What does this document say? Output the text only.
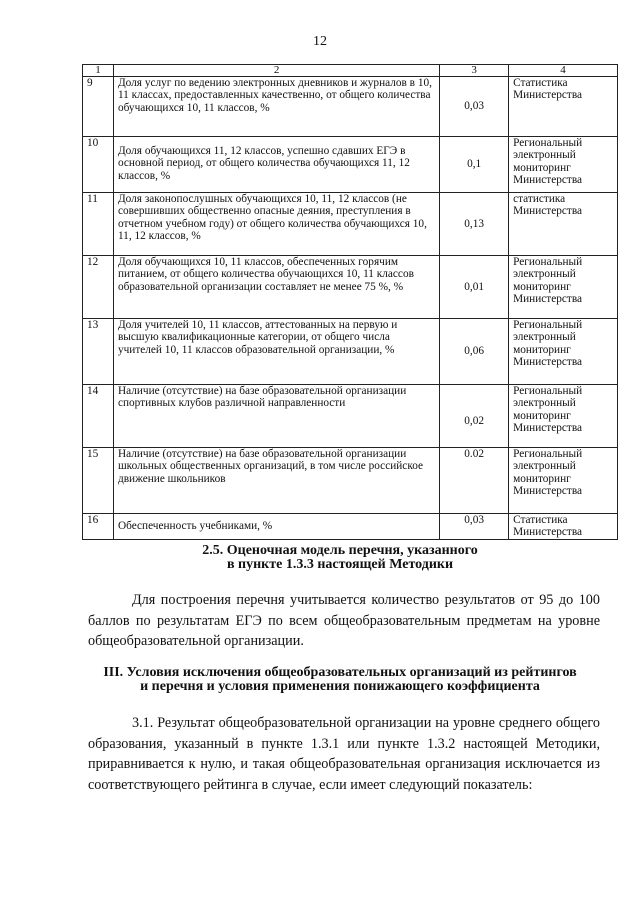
12
1	2	3	4
9	Доля услуг по ведению электронных дневников и журналов в 10, 11 классах, предоставленных качественно, от общего количества обучающихся 10, 11 классов, %	0,03	Статистика Министерства
10	Доля обучающихся 11, 12 классов, успешно сдавших ЕГЭ в основной период, от общего количества обучающихся 11, 12 классов, %	0,1	Региональный электронный мониторинг Министерства
11	Доля законопослушных обучающихся 10, 11, 12 классов (не совершивших общественно опасные деяния, преступления в отчетном учебном году) от общего количества обучающихся 10, 11, 12 классов, %	0,13	статистика Министерства
12	Доля обучающихся 10, 11 классов, обеспеченных горячим питанием, от общего количества обучающихся 10, 11 классов образовательной организации составляет не менее 75 %, %	0,01	Региональный электронный мониторинг Министерства
13	Доля учителей 10, 11 классов, аттестованных на первую и высшую квалификационные категории, от общего числа учителей 10, 11 классов образовательной организации, %	0,06	Региональный электронный мониторинг Министерства
14	Наличие (отсутствие) на базе образовательной организации спортивных клубов различной направленности	0,02	Региональный электронный мониторинг Министерства
15	Наличие (отсутствие) на базе образовательной организации школьных общественных организаций, в том числе российское движение школьников	0.02	Региональный электронный мониторинг Министерства
16	Обеспеченность учебниками, %	0,03	Статистика Министерства
2.5. Оценочная модель перечня, указанного
в пункте 1.3.3 настоящей Методики
Для построения перечня учитывается количество результатов от 95 до 100 баллов по результатам ЕГЭ по всем общеобразовательным предметам на уровне общеобразовательной организации.
III. Условия исключения общеобразовательных организаций из рейтингов
и перечня и условия применения понижающего коэффициента
3.1. Результат общеобразовательной организации на уровне среднего общего образования, указанный в пункте 1.3.1 или пункте 1.3.2 настоящей Методики, приравнивается к нулю, и такая общеобразовательная организация исключается из соответствующего рейтинга в случае, если имеет следующий показатель:
